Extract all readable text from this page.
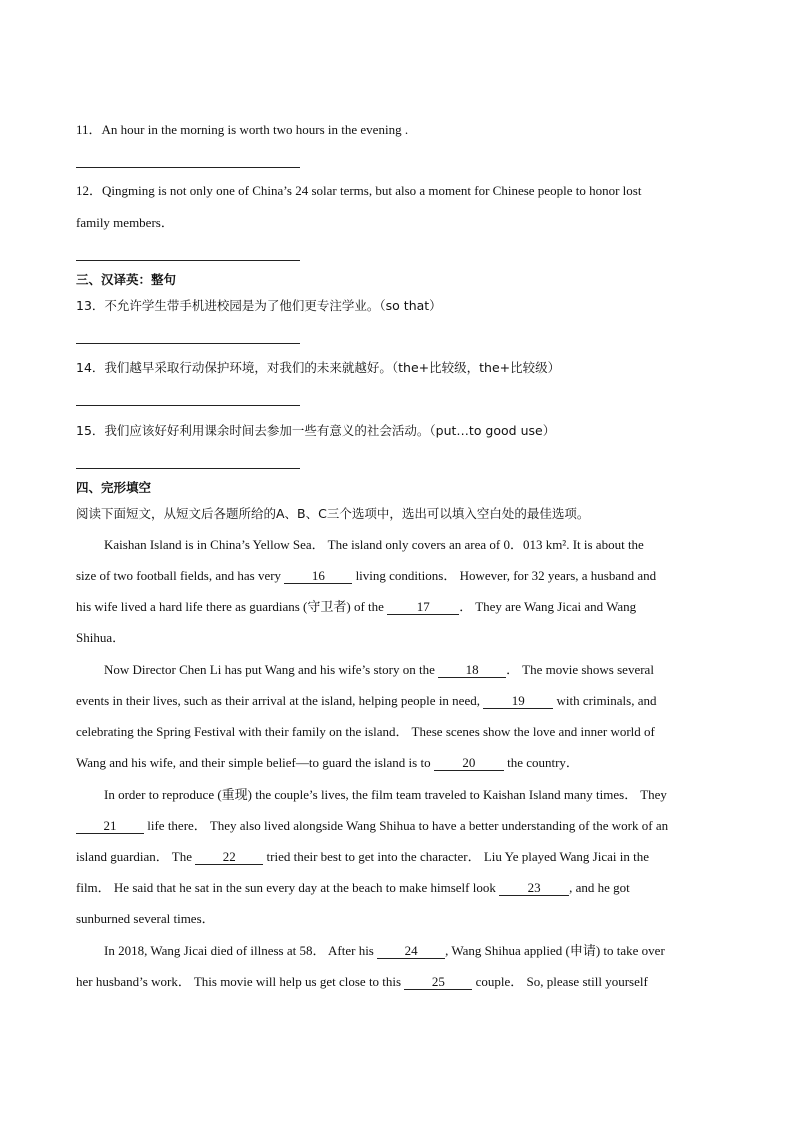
11．An hour in the morning is worth two hours in the evening .
12．Qingming is not only one of China’s 24 solar terms, but also a moment for Chinese people to honor lost
family members．
三、汉译英：整句
13．不允许学生带手机进校园是为了他们更专注学业。（so that）
14．我们越早采取行动保护环境，对我们的未来就越好。（the+比较级，the+比较级）
15．我们应该好好利用课余时间去参加一些有意义的社会活动。（put…to good use）
四、完形填空
阅读下面短文，从短文后各题所给的A、B、C三个选项中，选出可以填入空白处的最佳选项。
Kaishan Island is in China’s Yellow Sea． The island only covers an area of 0．013 km². It is about the
size of two football fields, and has very 16 living conditions． However, for 32 years, a husband and
his wife lived a hard life there as guardians (守卫者) of the 17 ． They are Wang Jicai and Wang
Shihua．
Now Director Chen Li has put Wang and his wife’s story on the 18 ． The movie shows several
events in their lives, such as their arrival at the island, helping people in need, 19 with criminals, and
celebrating the Spring Festival with their family on the island． These scenes show the love and inner world of
Wang and his wife, and their simple belief—to guard the island is to 20 the country．
In order to reproduce (重现) the couple’s lives, the film team traveled to Kaishan Island many times． They
21 life there． They also lived alongside Wang Shihua to have a better understanding of the work of an
island guardian． The 22 tried their best to get into the character． Liu Ye played Wang Jicai in the
film． He said that he sat in the sun every day at the beach to make himself look 23 , and he got
sunburned several times．
In 2018, Wang Jicai died of illness at 58． After his 24 , Wang Shihua applied (申请) to take over
her husband’s work． This movie will help us get close to this 25 couple． So, please still yourself
